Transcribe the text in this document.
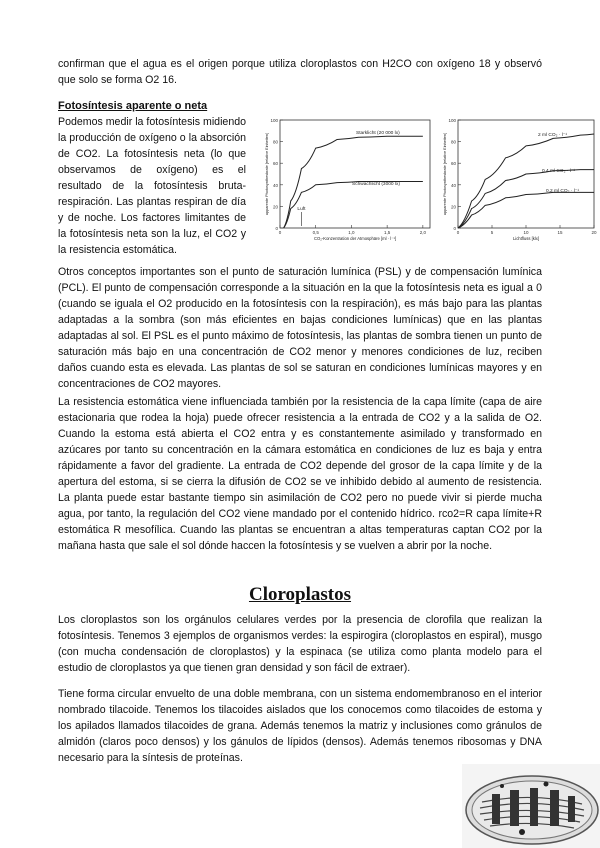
confirman que el agua es el origen porque utiliza cloroplastos con H2CO con oxígeno 18 y observó que solo se forma O2 16.
Fotosíntesis aparente o neta
Podemos medir la fotosíntesis midiendo la producción de oxígeno o la absorción de CO2. La fotosíntesis neta (lo que observamos de oxígeno) es el resultado de la fotosíntesis bruta-respiración. Las plantas respiran de día y de noche. Los factores limitantes de la fotosíntesis neta son la luz, el CO2 y la resistencia estomática.
0
20
40
60
80
100
0	0,5	1,0	1,5	2,0
CO₂-Konzentration der Atmosphäre [ml · l⁻¹]
apparente Photosynthesbrate [relative Einheiten]	Starklicht (20 000 lx)
Schwachlicht (3000 lx)
Luft
0
20
40
60
80
100
0	5	10	15	20
Lichtfluss [klx]
apparente Photosynthesbrate [relative Einheiten]	2 ml CO₂ · l⁻¹
0,4 ml CO₂ · l⁻¹
0,2 ml CO₂ · l⁻¹
Otros conceptos importantes son el punto de saturación lumínica (PSL) y de compensación lumínica (PCL). El punto de compensación corresponde a la situación en la que la fotosíntesis neta es igual a 0 (cuando se iguala el O2 producido en la fotosíntesis con la respiración), es más bajo para las plantas adaptadas a la sombra (son más eficientes en bajas condiciones lumínicas) que en las plantas adaptadas al sol. El PSL es el punto máximo de fotosíntesis, las plantas de sombra tienen un punto de saturación más bajo en una concentración de CO2 menor y menores condiciones de luz, reciben daños cuando esta es elevada. Las plantas de sol se saturan en condiciones lumínicas mayores y en concentraciones de CO2 mayores.
La resistencia estomática viene influenciada también por la resistencia de la capa límite (capa de aire estacionaria que rodea la hoja) puede ofrecer resistencia a la entrada de CO2 y a la salida de O2. Cuando la estoma está abierta el CO2 entra y es constantemente asimilado y transformado en azúcares por tanto su concentración en la cámara estomática en condiciones de luz es baja y entra rápidamente a favor del gradiente. La entrada de CO2 depende del grosor de la capa límite y de la apertura del estoma, si se cierra la difusión de CO2 se ve inhibido debido al aumento de resistencia. La planta puede estar bastante tiempo sin asimilación de CO2 pero no puede vivir si pierde mucha agua, por tanto, la regulación del CO2 viene mandado por el contenido hídrico. rco2=R capa límite+R estomática R mesofílica. Cuando las plantas se encuentran a altas temperaturas captan CO2 por la mañana hasta que sale el sol dónde haccen la fotosíntesis y se vuelven a abrir por la noche.
Cloroplastos
Los cloroplastos son los orgánulos celulares verdes por la presencia de clorofila que realizan la fotosíntesis. Tenemos 3 ejemplos de organismos verdes: la espirogira (cloroplastos en espiral), musgo (con mucha condensación de cloroplastos) y la espinaca (se utiliza como planta modelo para el estudio de cloroplastos ya que tienen gran densidad y son fácil de extraer).
Tiene forma circular envuelto de una doble membrana, con un sistema endomembranoso en el interior nombrado tilacoide. Tenemos los tilacoides aislados que los conocemos como tilacoides de estoma y los apilados llamados tilacoides de grana. Además tenemos la matriz y inclusiones como gránulos de almidón (claros poco densos) y los gánulos de lípidos (densos). Además tenemos ribosomas y DNA necesario para la síntesis de proteínas.
